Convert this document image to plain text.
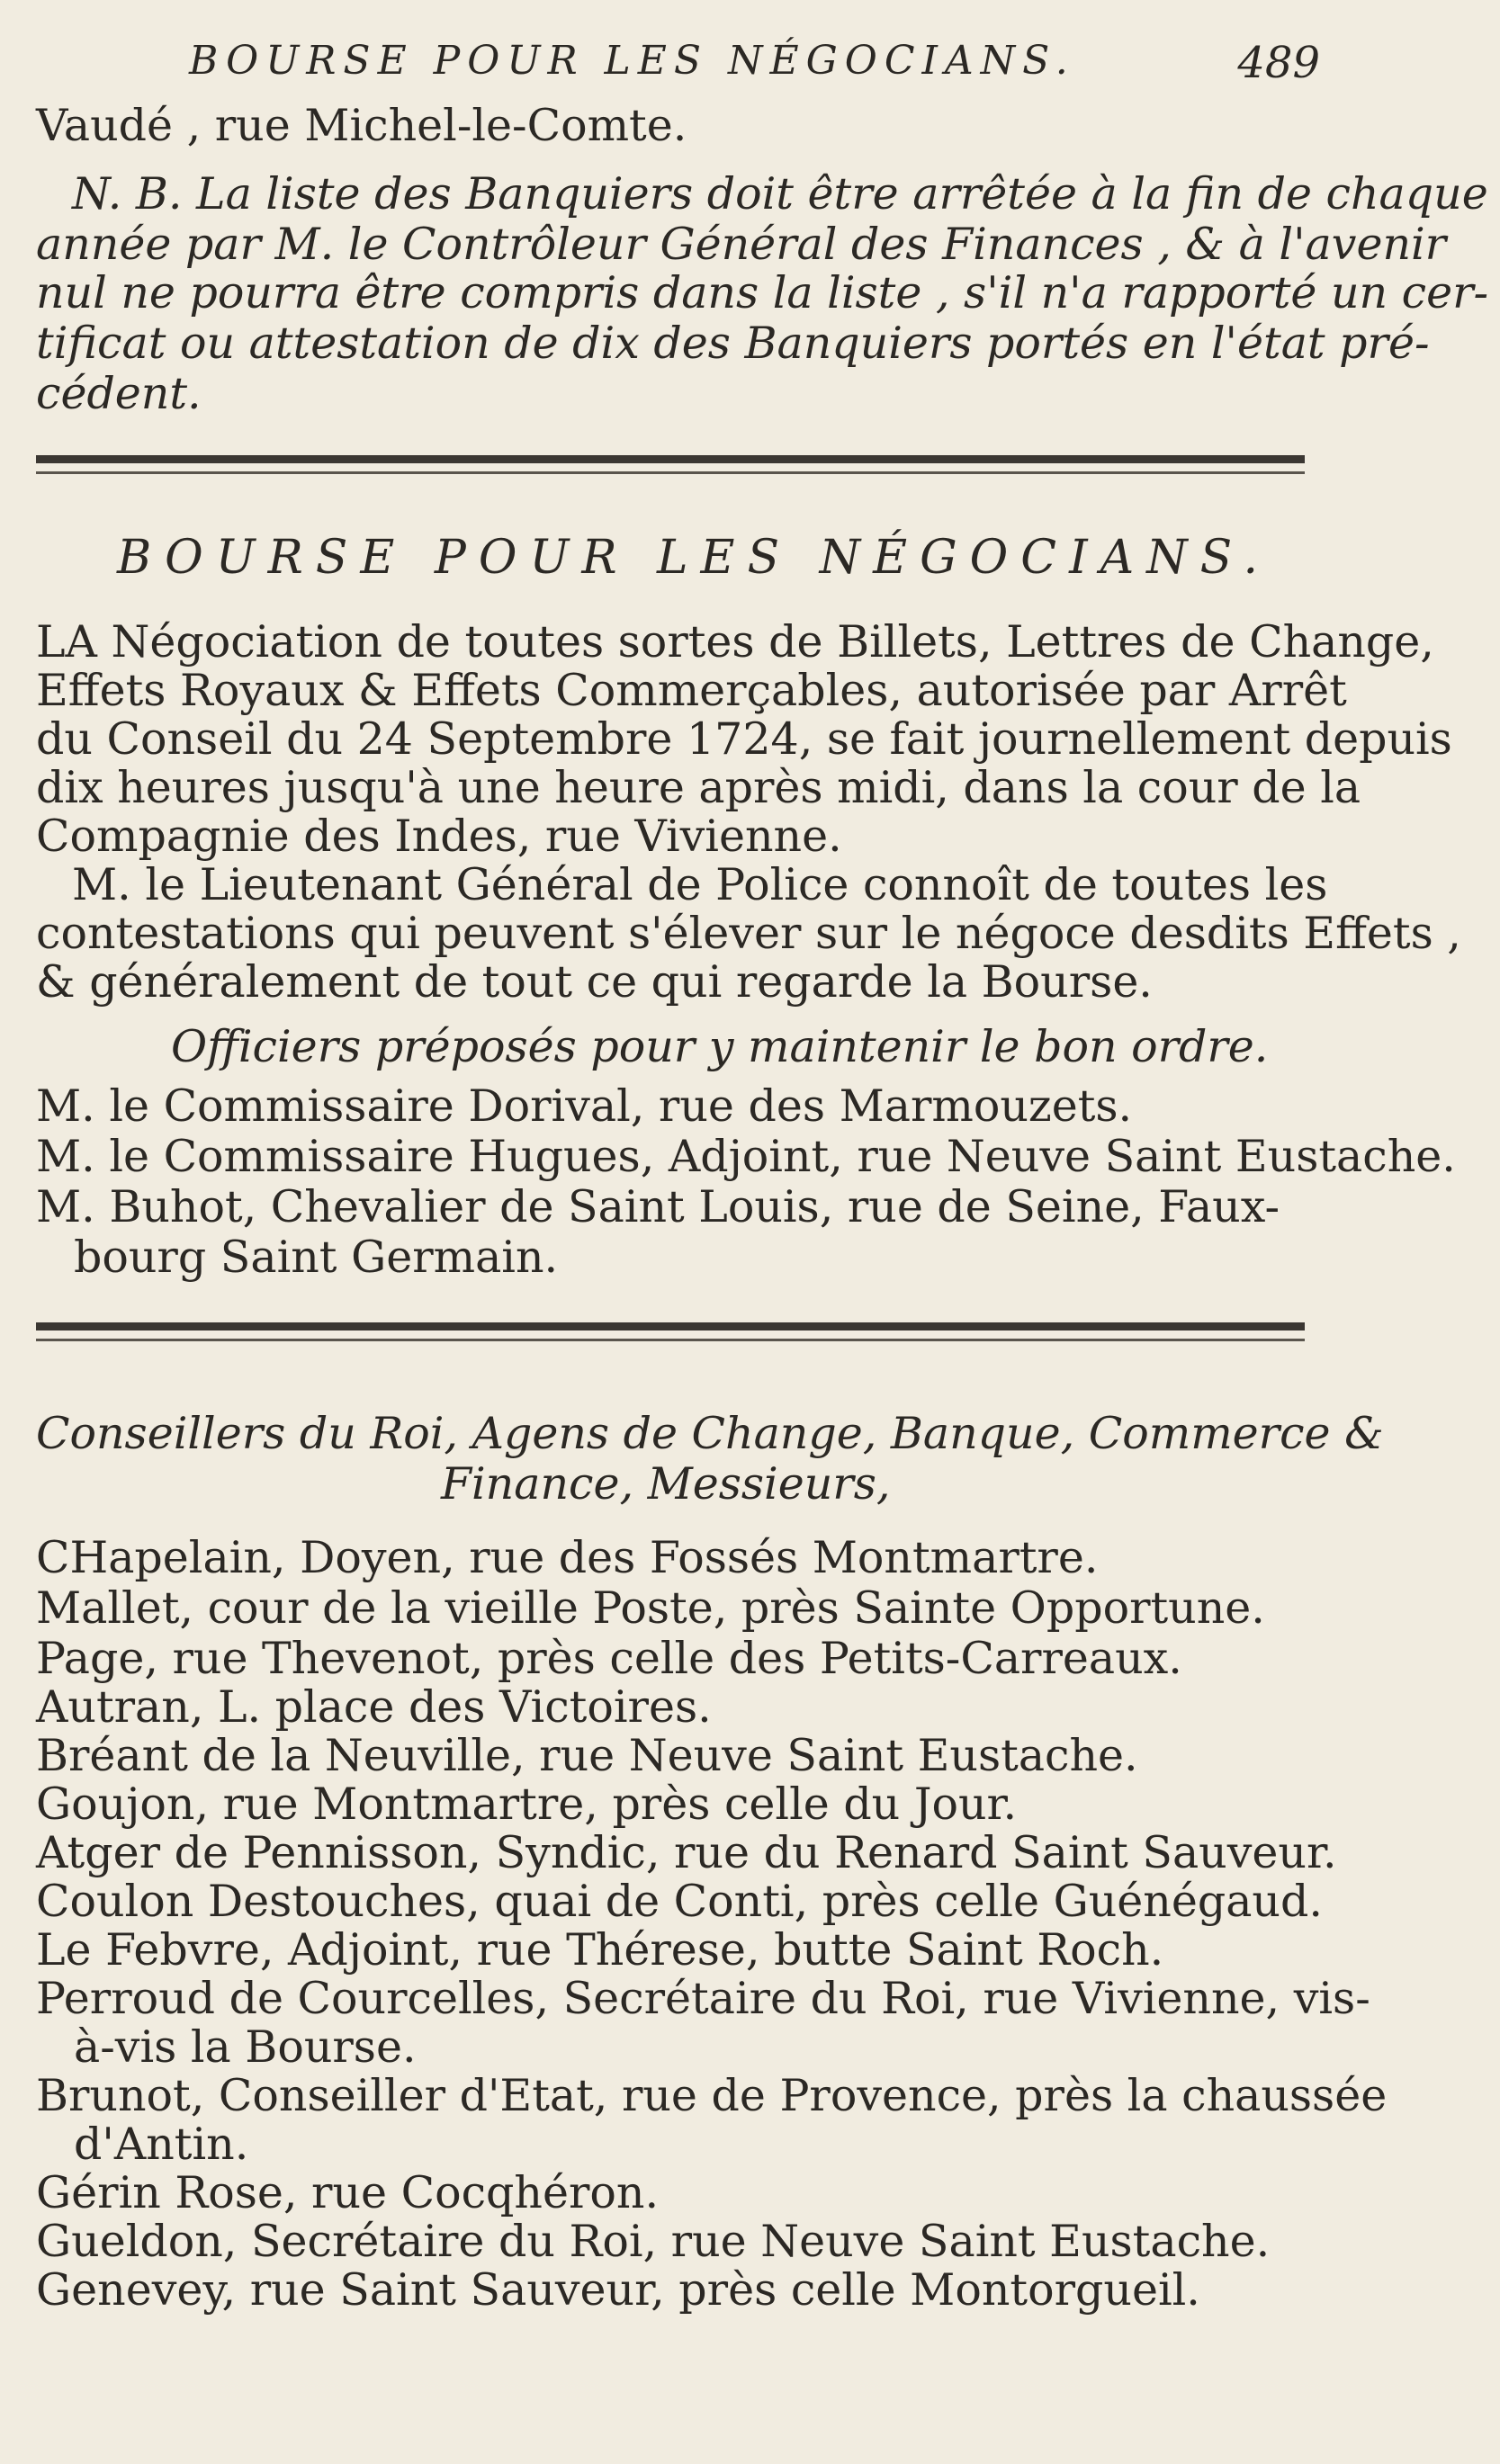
BOURSE POUR LES NÉGOCIANS.	489
Vaudé , rue Michel-le-Comte.
N. B. La liste des Banquiers doit être arrêtée à la fin de chaque
année par M. le Contrôleur Général des Finances , & à l'avenir
nul ne pourra être compris dans la liste , s'il n'a rapporté un cer-
tificat ou attestation de dix des Banquiers portés en l'état pré-
cédent.
BOURSE POUR LES NÉGOCIANS.
LA Négociation de toutes sortes de Billets, Lettres de Change,
Effets Royaux & Effets Commerçables, autorisée par Arrêt
du Conseil du 24 Septembre 1724, se fait journellement depuis
dix heures jusqu'à une heure après midi, dans la cour de la
Compagnie des Indes, rue Vivienne.
M. le Lieutenant Général de Police connoît de toutes les
contestations qui peuvent s'élever sur le négoce desdits Effets ,
& généralement de tout ce qui regarde la Bourse.
Officiers préposés pour y maintenir le bon ordre.
M. le Commissaire Dorival, rue des Marmouzets.
M. le Commissaire Hugues, Adjoint, rue Neuve Saint Eustache.
M. Buhot, Chevalier de Saint Louis, rue de Seine, Faux-
bourg Saint Germain.
Conseillers du Roi, Agens de Change, Banque, Commerce &
Finance, Messieurs,
CHapelain, Doyen, rue des Fossés Montmartre.
Mallet, cour de la vieille Poste, près Sainte Opportune.
Page, rue Thevenot, près celle des Petits-Carreaux.
Autran, L. place des Victoires.
Bréant de la Neuville, rue Neuve Saint Eustache.
Goujon, rue Montmartre, près celle du Jour.
Atger de Pennisson, Syndic, rue du Renard Saint Sauveur.
Coulon Destouches, quai de Conti, près celle Guénégaud.
Le Febvre, Adjoint, rue Thérese, butte Saint Roch.
Perroud de Courcelles, Secrétaire du Roi, rue Vivienne, vis-
à-vis la Bourse.
Brunot, Conseiller d'Etat, rue de Provence, près la chaussée
d'Antin.
Gérin Rose, rue Cocqhéron.
Gueldon, Secrétaire du Roi, rue Neuve Saint Eustache.
Genevey, rue Saint Sauveur, près celle Montorgueil.
